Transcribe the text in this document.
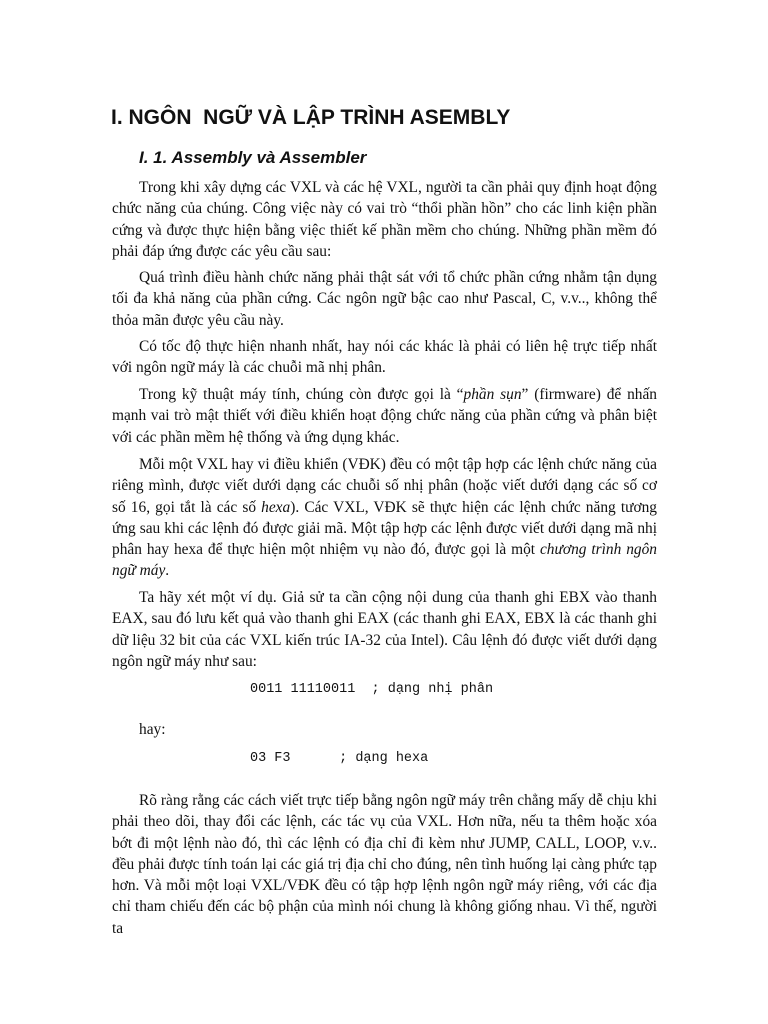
I. NGÔN  NGỮ VÀ LẬP TRÌNH ASEMBLY
I. 1. Assembly và Assembler

Trong khi xây dựng các VXL và các hệ VXL, người ta cần phải quy định hoạt động chức năng của chúng. Công việc này có vai trò “thổi phần hồn” cho các linh kiện phần cứng và được thực hiện bằng việc thiết kế phần mềm cho chúng. Những phần mềm đó phải đáp ứng được các yêu cầu sau:

Quá trình điều hành chức năng phải thật sát với tổ chức phần cứng nhằm tận dụng tối đa khả năng của phần cứng. Các ngôn ngữ bậc cao như Pascal, C, v.v.., không thể thỏa mãn được yêu cầu này.

Có tốc độ thực hiện nhanh nhất, hay nói các khác là phải có liên hệ trực tiếp nhất với ngôn ngữ máy là các chuỗi mã nhị phân.

Trong kỹ thuật máy tính, chúng còn được gọi là “phần sụn” (firmware) để nhấn mạnh vai trò mật thiết với điều khiển hoạt động chức năng của phần cứng và phân biệt với các phần mềm hệ thống và ứng dụng khác.

Mỗi một VXL hay vi điều khiển (VĐK) đều có một tập hợp các lệnh chức năng của riêng mình, được viết dưới dạng các chuỗi số nhị phân (hoặc viết dưới dạng các số cơ số 16, gọi tắt là các số hexa). Các VXL, VĐK sẽ thực hiện các lệnh chức năng tương ứng sau khi các lệnh đó được giải mã. Một tập hợp các lệnh được viết dưới dạng mã nhị phân hay hexa để thực hiện một nhiệm vụ nào đó, được gọi là một chương trình ngôn ngữ máy.

Ta hãy xét một ví dụ. Giả sử ta cần cộng nội dung của thanh ghi EBX vào thanh EAX, sau đó lưu kết quả vào thanh ghi EAX (các thanh ghi EAX, EBX là các thanh ghi dữ liệu 32 bit của các VXL kiến trúc IA-32 của Intel). Câu lệnh đó được viết dưới dạng ngôn ngữ máy như sau:

0011 11110011  ; dạng nhị phân

hay:

03 F3      ; dạng hexa

Rõ ràng rằng các cách viết trực tiếp bằng ngôn ngữ máy trên chẳng mấy dễ chịu khi phải theo dõi, thay đổi các lệnh, các tác vụ của VXL. Hơn nữa, nếu ta thêm hoặc xóa bớt đi một lệnh nào đó, thì các lệnh có địa chỉ đi kèm như JUMP, CALL, LOOP, v.v.. đều phải được tính toán lại các giá trị địa chỉ cho đúng, nên tình huống lại càng phức tạp hơn. Và mỗi một loại VXL/VĐK đều có tập hợp lệnh ngôn ngữ máy riêng, với các địa chỉ tham chiếu đến các bộ phận của mình nói chung là không giống nhau. Vì thế, người ta
